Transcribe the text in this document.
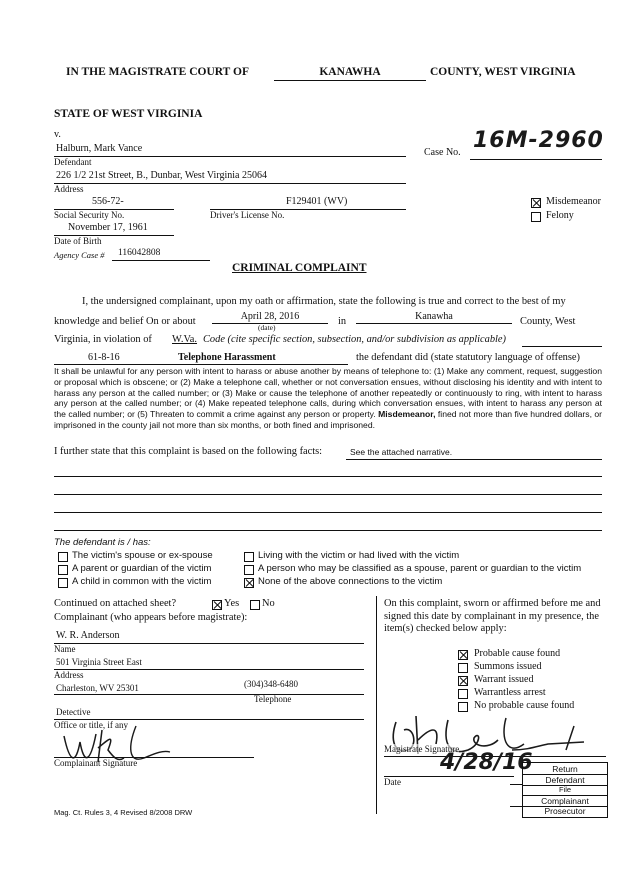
IN THE MAGISTRATE COURT OF	KANAWHA	COUNTY, WEST VIRGINIA
STATE OF WEST VIRGINIA
v.
Halburn, Mark Vance
Defendant
Case No. 16M-2960
226 1/2 21st Street, B., Dunbar, West Virginia 25064
Address
556-72-
Social Security No.
F129401 (WV)
Driver's License No.
Misdemeanor
Felony
November 17, 1961
Date of Birth
Agency Case # 116042808
CRIMINAL COMPLAINT
I, the undersigned complainant, upon my oath or affirmation, state the following is true and correct to the best of my
knowledge and belief On or about	April 28, 2016
(date)
in	Kanawha	County, West
Virginia, in violation of W.Va. Code (cite specific section, subsection, and/or subdivision as applicable)
61-8-16	Telephone Harassment	the defendant did (state statutory language of offense)
It shall be unlawful for any person with intent to harass or abuse another by means of telephone to: (1) Make any comment, request, suggestion or proposal which is obscene; or (2) Make a telephone call, whether or not conversation ensues, without disclosing his identity and with intent to harass any person at the called number; or (3) Make or cause the telephone of another repeatedly or continuously to ring, with intent to harass any person at the called number; or (4) Make repeated telephone calls, during which conversation ensues, with intent to harass any person at the called number; or (5) Threaten to commit a crime against any person or property. Misdemeanor, fined not more than five hundred dollars, or imprisoned in the county jail not more than six months, or both fined and imprisoned.
I further state that this complaint is based on the following facts:	See the attached narrative.
The defendant is / has:
The victim's spouse or ex-spouse
A parent or guardian of the victim
A child in common with the victim
Living with the victim or had lived with the victim
A person who may be classified as a spouse, parent or guardian to the victim
None of the above connections to the victim
Continued on attached sheet?	Yes No
Complainant (who appears before magistrate):
W. R. Anderson
Name
501 Virginia Street East
Address
Charleston, WV 25301	(304)348-6480
Telephone
Detective
Office or title, if any
Complainant Signature
On this complaint, sworn or affirmed before me and signed this date by complainant in my presence, the item(s) checked below apply:
Probable cause found
Summons issued
Warrant issued
Warrantless arrest
No probable cause found
Magistrate Signature
4/28/16
Date
Return
Defendant
File
Complainant
Prosecutor
Mag. Ct. Rules 3, 4 Revised 8/2008 DRW
